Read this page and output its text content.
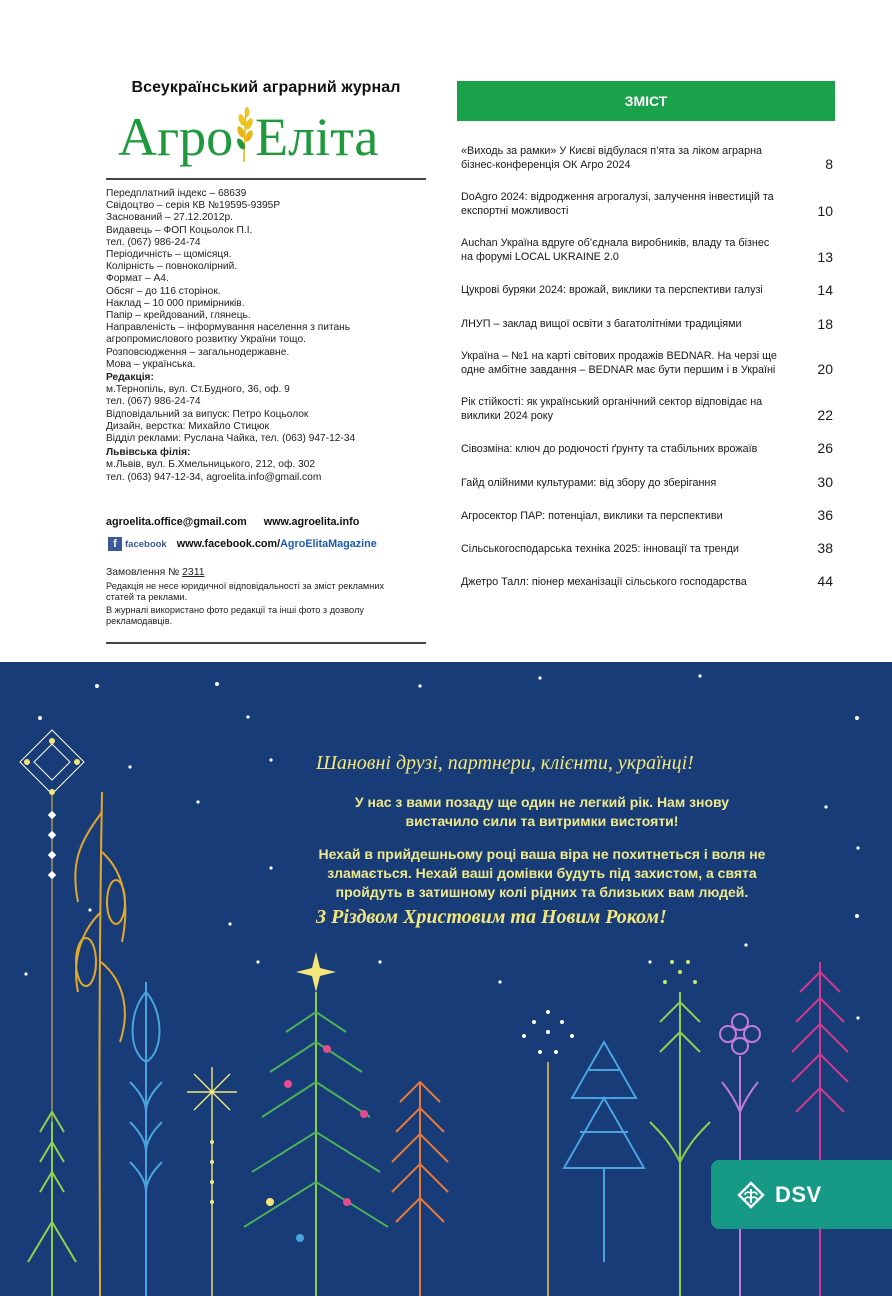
Всеукраїнський аграрний журнал
Агро Еліта
Передплатний індекс – 68639
Свідоцтво – серія КВ №19595-9395Р
Заснований – 27.12.2012р.
Видавець – ФОП Коцьолок П.І.
тел. (067) 986-24-74
Періодичність – щомісяця.
Колірність – повноколірний.
Формат – А4.
Обсяг – до 116 сторінок.
Наклад – 10 000 примірників.
Папір – крейдований, глянець.
Направленість – інформування населення з питань агропромислового розвитку України тощо.
Розповсюдження – загальнодержавне.
Мова – українська.
Редакція:
м.Тернопіль, вул. Ст.Будного, 36, оф. 9
тел. (067) 986-24-74
Відповідальний за випуск: Петро Коцьолок
Дизайн, верстка: Михайло Стицюк
Відділ реклами: Руслана Чайка, тел. (063) 947-12-34
Львівська філія:
м.Львів, вул. Б.Хмельницького, 212, оф. 302
тел. (063) 947-12-34, agroelita.info@gmail.com
agroelita.office@gmail.com www.agroelita.info
f facebook www.facebook.com/AgroElitaMagazine
Замовлення № 2311
Редакція не несе юридичної відповідальності за зміст рекламних статей та реклами.
В журналі використано фото редакції та інші фото з дозволу рекламодавців.
ЗМІСТ
«Виходь за рамки» У Києві відбулася п’ята за ліком аграрна бізнес-конференція ОК Агро 2024	8
DoAgro 2024: відродження агрогалузі, залучення інвестицій та експортні можливості	10
Auchan Україна вдруге об’єднала виробників, владу та бізнес на форумі LOCAL UKRAINE 2.0	13
Цукрові буряки 2024: врожай, виклики та перспективи галузі	14
ЛНУП – заклад вищої освіти з багатолітніми традиціями	18
Україна – №1 на карті світових продажів BEDNAR. На черзі ще одне амбітне завдання – BEDNAR має бути першим і в Україні	20
Рік стійкості: як український органічний сектор відповідає на виклики 2024 року	22
Сівозміна: ключ до родючості ґрунту та стабільних врожаїв	26
Гайд олійними культурами: від збору до зберігання	30
Агросектор ПАР: потенціал, виклики та перспективи	36
Сільськогосподарська техніка 2025: інновації та тренди	38
Джетро Талл: піонер механізації сільського господарства	44
Шановні друзі, партнери, клієнти, українці!
У нас з вами позаду ще один не легкий рік. Нам знову вистачило сили та витримки вистояти!
Нехай в прийдешньому році ваша віра не похитнеться і воля не зламається. Нехай ваші домівки будуть під захистом, а свята пройдуть в затишному колі рідних та близьких вам людей.
З Різдвом Христовим та Новим Роком!
DSV
